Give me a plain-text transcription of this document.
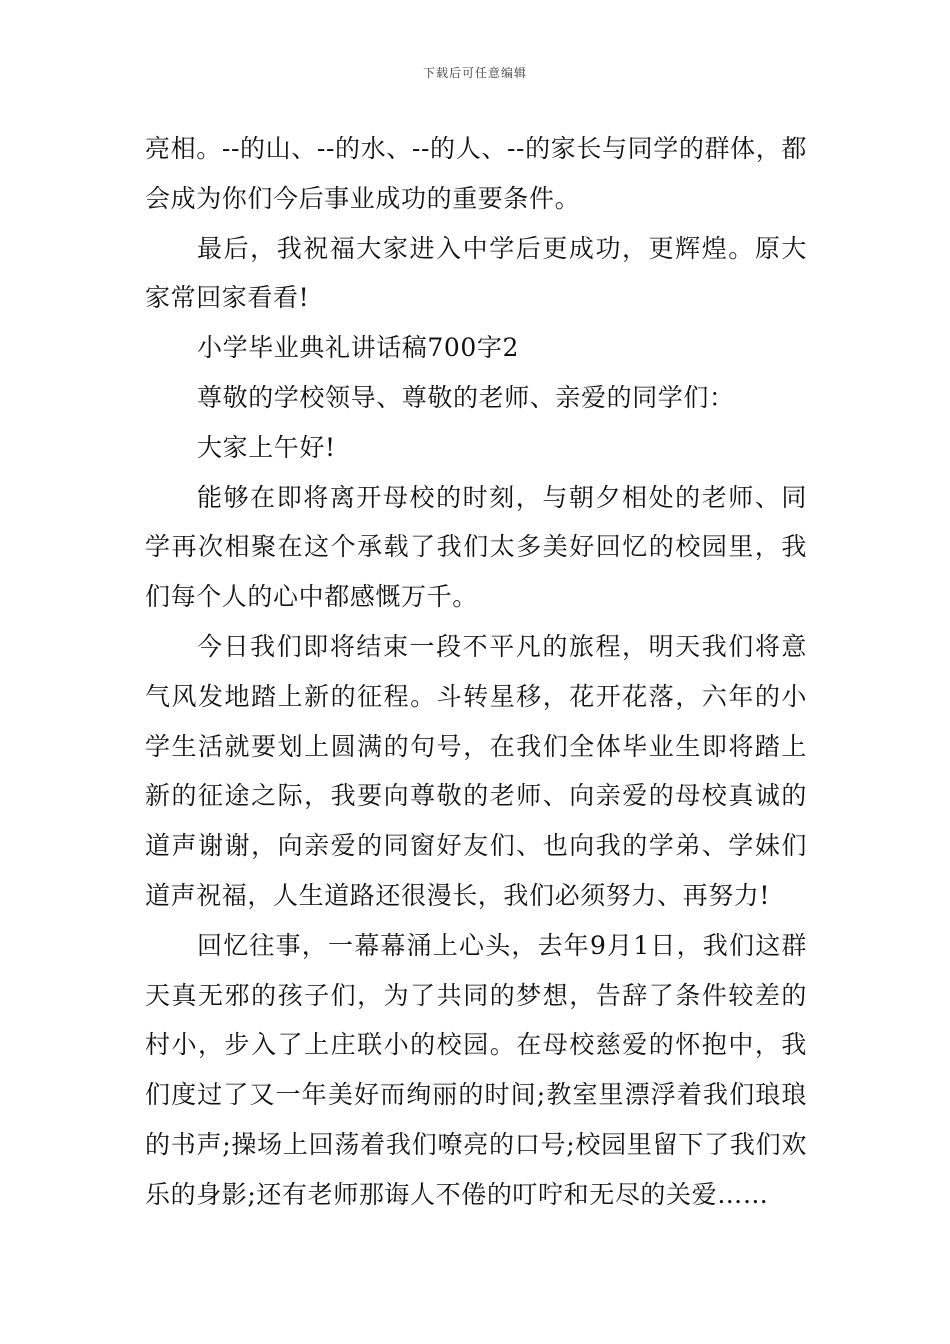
下载后可任意编辑

亮相。--的山、--的水、--的人、--的家长与同学的群体，都会成为你们今后事业成功的重要条件。

最后，我祝福大家进入中学后更成功，更辉煌。原大家常回家看看!

小学毕业典礼讲话稿700字2

尊敬的学校领导、尊敬的老师、亲爱的同学们：

大家上午好!

能够在即将离开母校的时刻，与朝夕相处的老师、同学再次相聚在这个承载了我们太多美好回忆的校园里，我们每个人的心中都感慨万千。

今日我们即将结束一段不平凡的旅程，明天我们将意气风发地踏上新的征程。斗转星移，花开花落，六年的小学生活就要划上圆满的句号，在我们全体毕业生即将踏上新的征途之际，我要向尊敬的老师、向亲爱的母校真诚的道声谢谢，向亲爱的同窗好友们、也向我的学弟、学妹们道声祝福，人生道路还很漫长，我们必须努力、再努力!

回忆往事，一幕幕涌上心头，去年9月1日，我们这群天真无邪的孩子们，为了共同的梦想，告辞了条件较差的村小，步入了上庄联小的校园。在母校慈爱的怀抱中，我们度过了又一年美好而绚丽的时间;教室里漂浮着我们琅琅的书声;操场上回荡着我们嘹亮的口号;校园里留下了我们欢乐的身影;还有老师那诲人不倦的叮咛和无尽的关爱……
